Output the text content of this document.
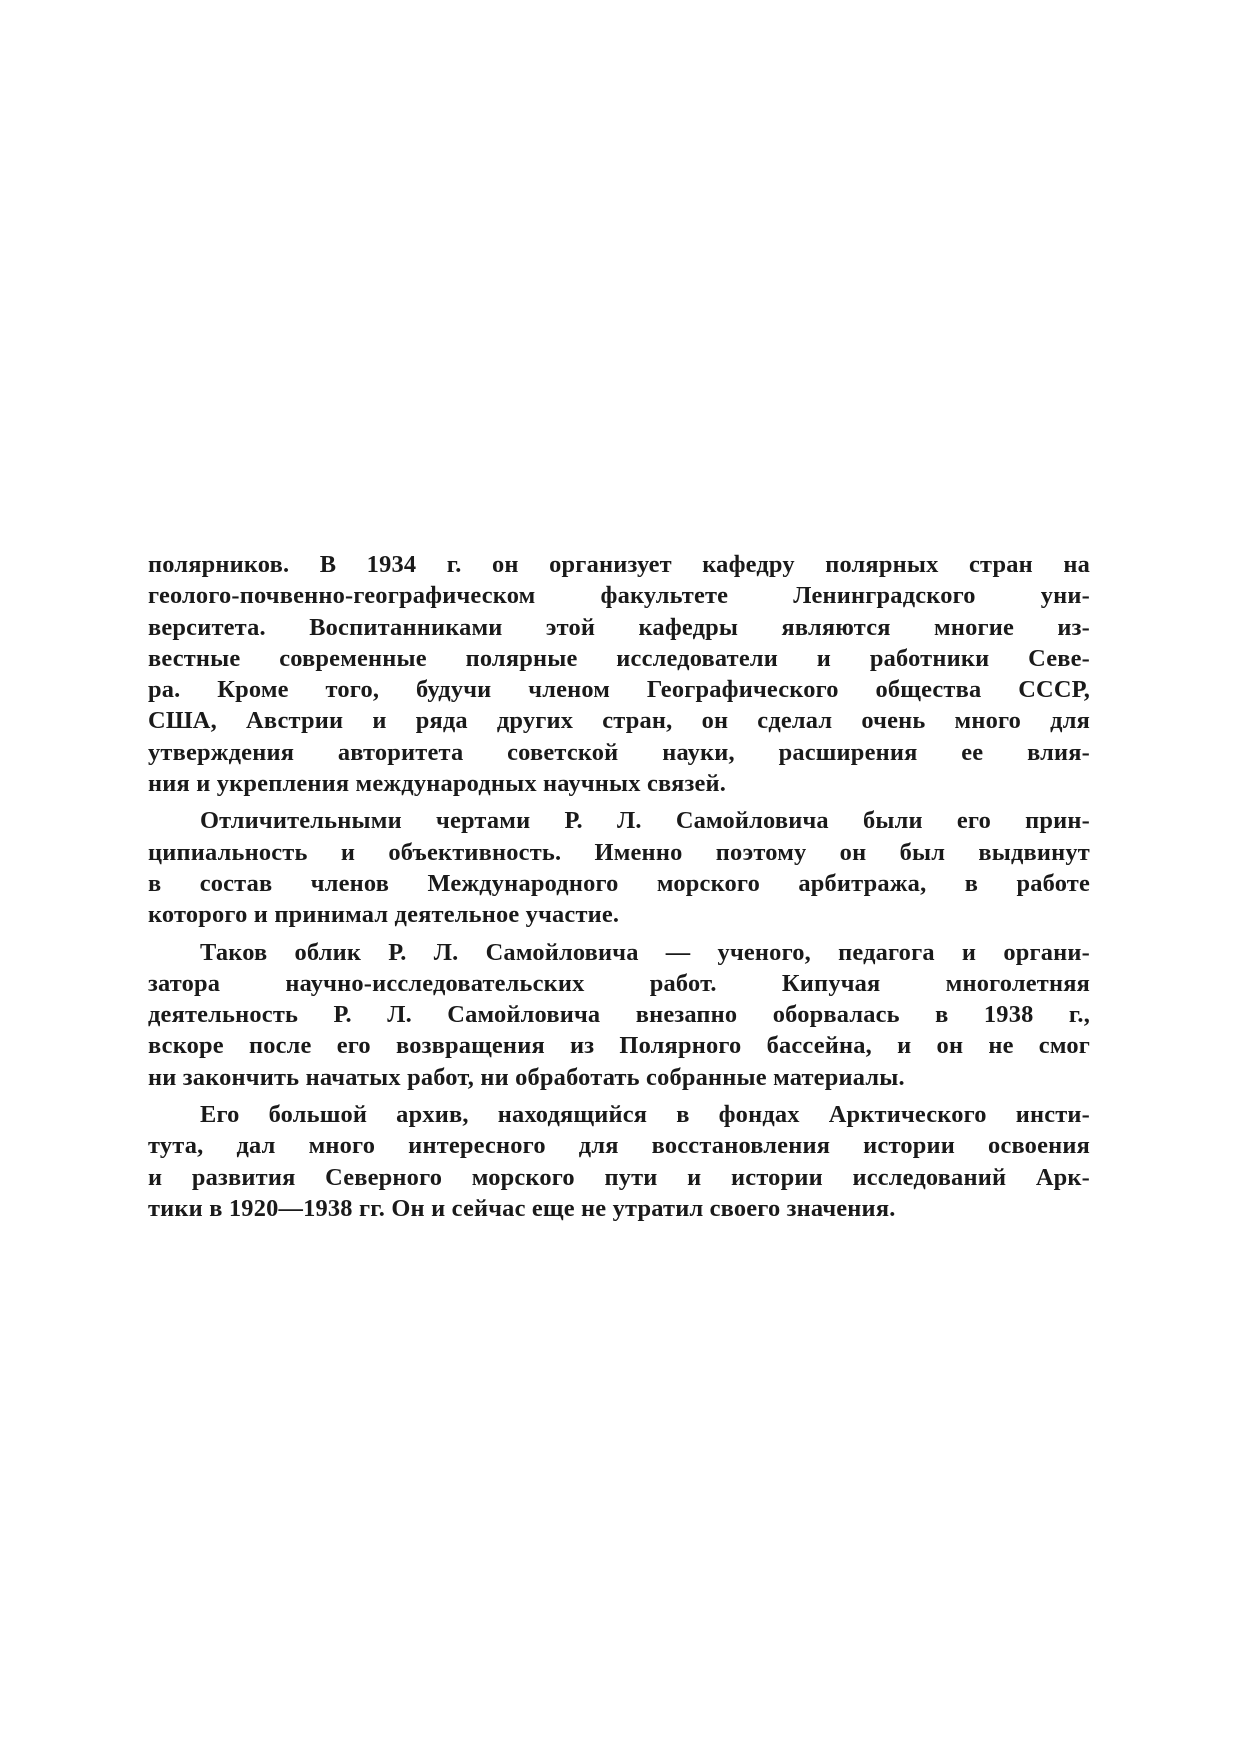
полярников. В 1934 г. он организует кафедру полярных стран на
геолого-почвенно-географическом факультете Ленинградского уни-
верситета. Воспитанниками этой кафедры являются многие из-
вестные современные полярные исследователи и работники Севе-
ра. Кроме того, будучи членом Географического общества СССР,
США, Австрии и ряда других стран, он сделал очень много для
утверждения авторитета советской науки, расширения ее влия-
ния и укрепления международных научных связей.
Отличительными чертами Р. Л. Самойловича были его прин-
ципиальность и объективность. Именно поэтому он был выдвинут
в состав членов Международного морского арбитража, в работе
которого и принимал деятельное участие.
Таков облик Р. Л. Самойловича — ученого, педагога и органи-
затора научно-исследовательских работ. Кипучая многолетняя
деятельность Р. Л. Самойловича внезапно оборвалась в 1938 г.,
вскоре после его возвращения из Полярного бассейна, и он не смог
ни закончить начатых работ, ни обработать собранные материалы.
Его большой архив, находящийся в фондах Арктического инсти-
тута, дал много интересного для восстановления истории освоения
и развития Северного морского пути и истории исследований Арк-
тики в 1920—1938 гг. Он и сейчас еще не утратил своего значения.
